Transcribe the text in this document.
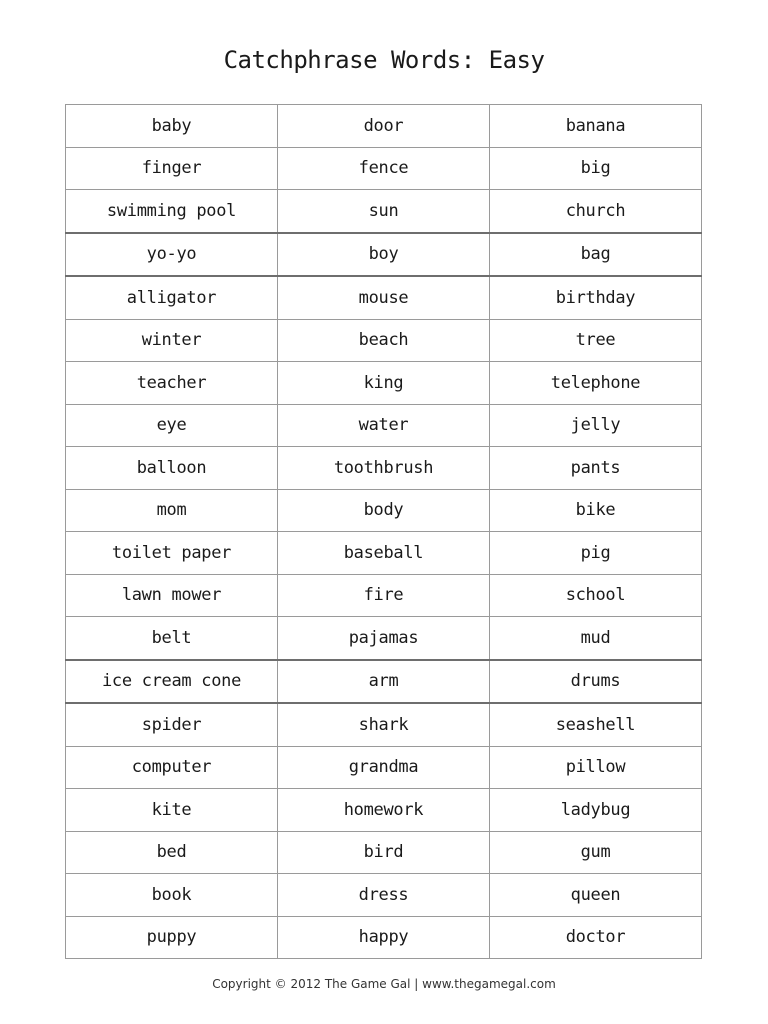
Catchphrase Words: Easy
baby	door	banana
finger	fence	big
swimming pool	sun	church
yo-yo	boy	bag
alligator	mouse	birthday
winter	beach	tree
teacher	king	telephone
eye	water	jelly
balloon	toothbrush	pants
mom	body	bike
toilet paper	baseball	pig
lawn mower	fire	school
belt	pajamas	mud
ice cream cone	arm	drums
spider	shark	seashell
computer	grandma	pillow
kite	homework	ladybug
bed	bird	gum
book	dress	queen
puppy	happy	doctor
Copyright © 2012 The Game Gal | www.thegamegal.com
